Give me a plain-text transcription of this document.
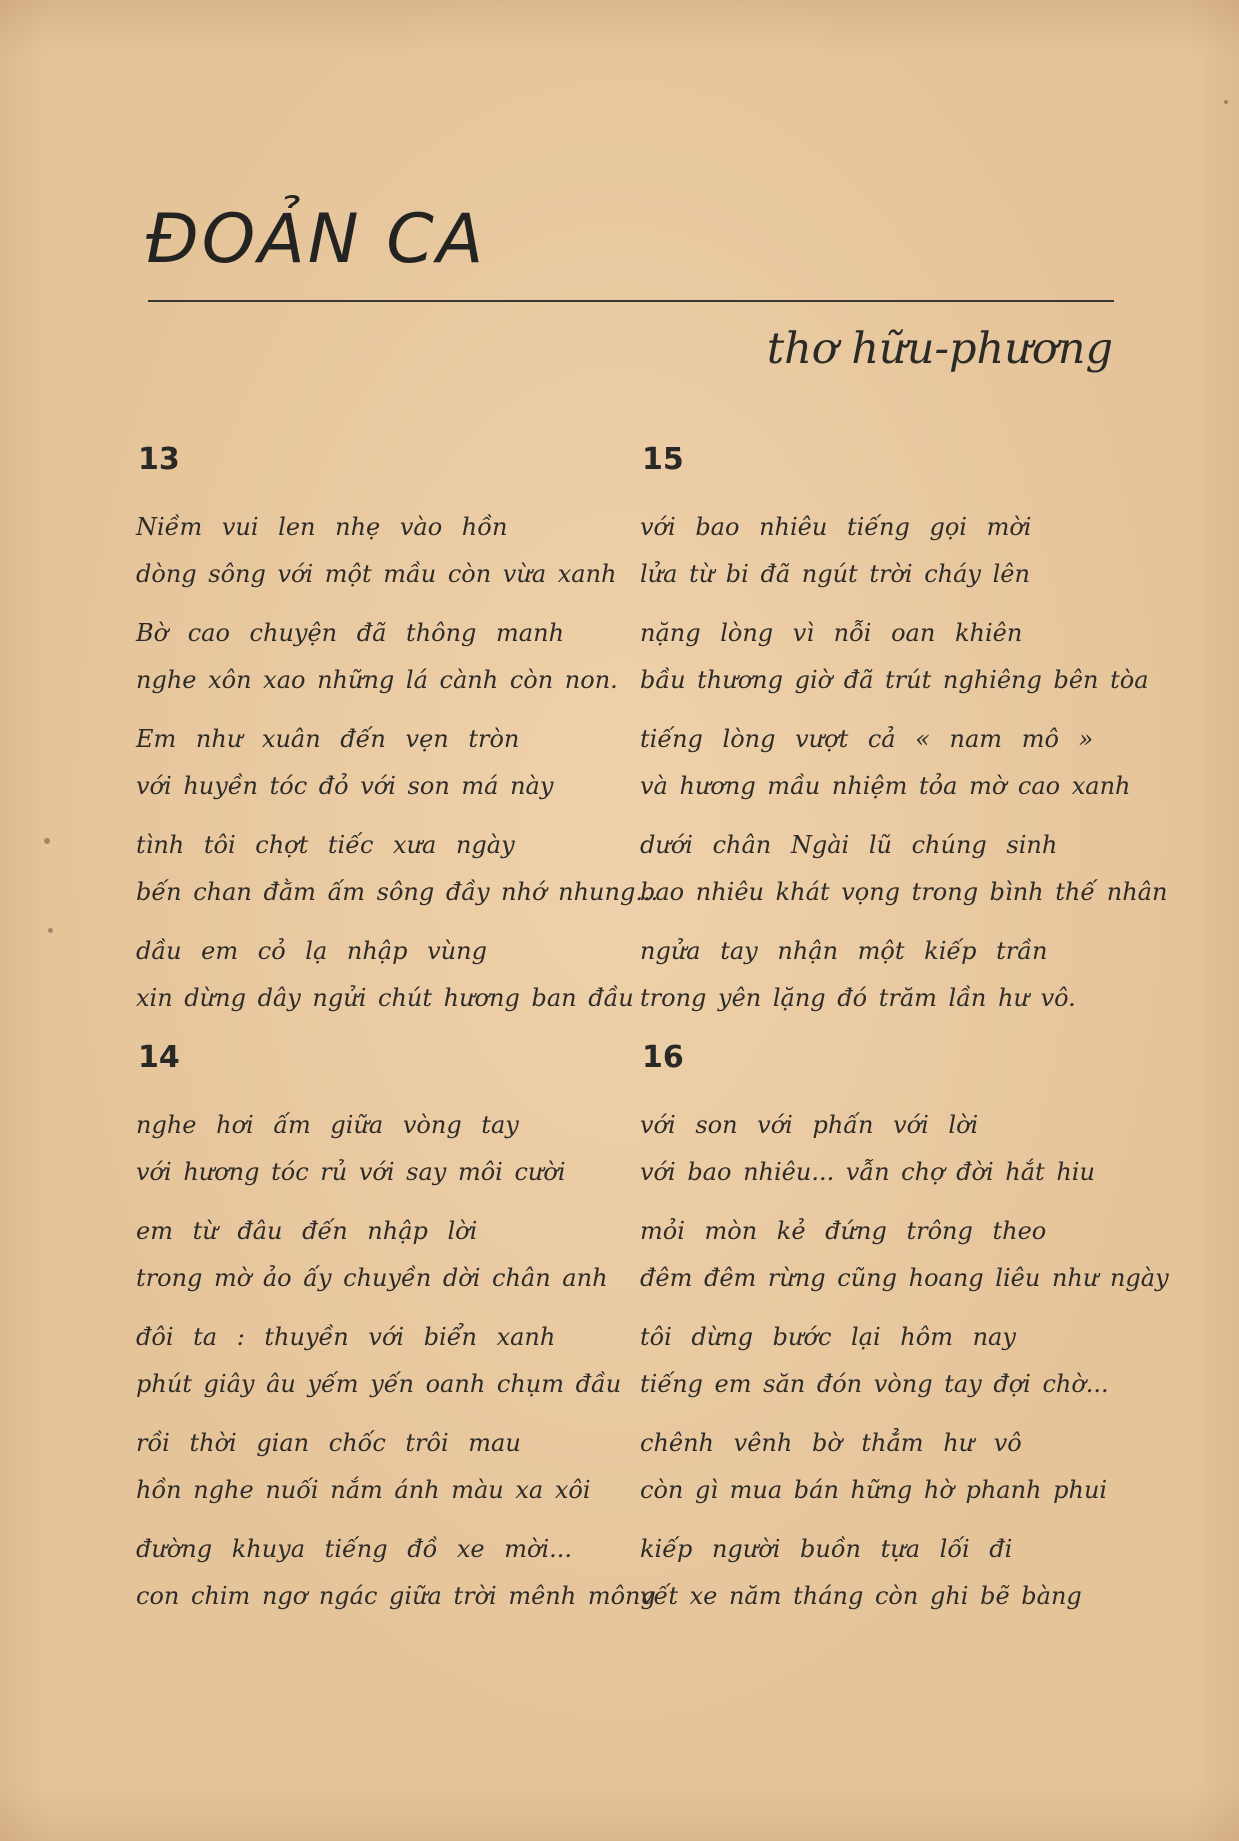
ĐOẢN CA

thơ hữu-phương

13
Niềm vui len nhẹ vào hồn
dòng sông với một mầu còn vừa xanh
Bờ cao chuyện đã thông manh
nghe xôn xao những lá cành còn non.
Em như xuân đến vẹn tròn
với huyền tóc đỏ với son má này
tình tôi chợt tiếc xưa ngày
bến chan đằm ấm sông đầy nhớ nhung...
dầu em cỏ lạ nhập vùng
xin dừng dây ngửi chút hương ban đầu
14
nghe hơi ấm giữa vòng tay
với hương tóc rủ với say môi cười
em từ đâu đến nhập lời
trong mờ ảo ấy chuyền dời chân anh
đôi ta : thuyền với biển xanh
phút giây âu yếm yến oanh chụm đầu
rồi thời gian chốc trôi mau
hồn nghe nuối nắm ánh màu xa xôi
đường khuya tiếng đồ xe mời...
con chim ngơ ngác giữa trời mênh mông
15
với bao nhiêu tiếng gọi mời
lửa từ bi đã ngút trời cháy lên
nặng lòng vì nỗi oan khiên
bầu thương giờ đã trút nghiêng bên tòa
tiếng lòng vượt cả « nam mô »
và hương mầu nhiệm tỏa mờ cao xanh
dưới chân Ngài lũ chúng sinh
bao nhiêu khát vọng trong bình thế nhân
ngửa tay nhận một kiếp trần
trong yên lặng đó trăm lần hư vô.
16
với son với phấn với lời
với bao nhiêu... vẫn chợ đời hắt hiu
mỏi mòn kẻ đứng trông theo
đêm đêm rừng cũng hoang liêu như ngày
tôi dừng bước lại hôm nay
tiếng em săn đón vòng tay đợi chờ...
chênh vênh bờ thẳm hư vô
còn gì mua bán hững hờ phanh phui
kiếp người buồn tựa lối đi
vết xe năm tháng còn ghi bẽ bàng
